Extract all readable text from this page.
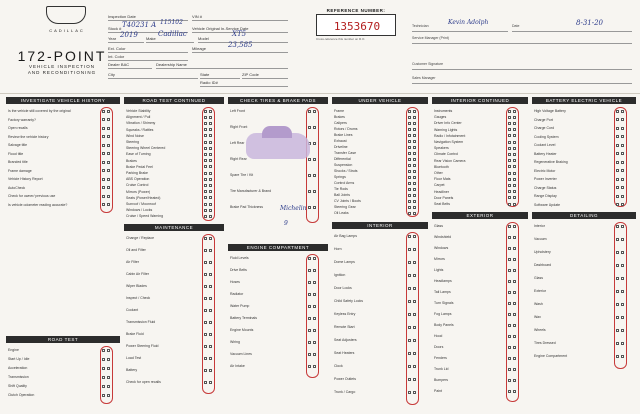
CADILLAC
172-POINT
VEHICLE INSPECTION
AND RECONDITIONING
Inspection Date	VIN #
Stock # T40231 A 115102
Vehicle Original In-Service Date
Year 2019 Make
Cadillac
Model
XT5
Ext. Color	Mileage
Int. Color
23,585
Dealer BAC	Dealership Name
City	State	ZIP Code
Radio ID#
REFERENCE NUMBER:
1353670
Cross-reference this number on R.O.
Technician	Kevin Adolph	Date	8-31-20
Service Manager (Print)
Customer Signature
Sales Manager
INVESTIGATE VEHICLE HISTORY
Is the vehicle still covered by the original
Factory warranty?
Open recalls
Review the vehicle history
Salvage title
Flood title
Branded title
Frame damage
Vehicle History Report
AutoCheck
Check for owner/ previous use
Is vehicle odometer reading accurate?
ROAD TEST
Engine
Start Up / Idle
Acceleration
Transmission
Shift Quality
Clutch Operation
ROAD TEST CONTINUED
Vehicle Stability
Alignment / Pull
Vibration / Shimmy
Squeaks / Rattles
Wind Noise
Steering
Steering Wheel Centered
Ease of Turning
Brakes
Brake Pedal Feel
Parking Brake
ABS Operation
Cruise Control
Mirrors (Power)
Seats (Power/Heated)
Sunroof / Moonroof
Windows / Locks
Cruise / Speed Warning
MAINTENANCE
Change / Replace
Oil and Filter
Air Filter
Cabin Air Filter
Wiper Blades
Inspect / Check
Coolant
Transmission Fluid
Brake Fluid
Power Steering Fluid
Load Test
Battery
Check for open recalls
CHECK TIRES & BRAKE PADS
Left Front
Right Front
Left Rear
Right Rear
Spare Tire / Kit
Tire Manufacturer & Brand
Brake Pad Thickness
ENGINE COMPARTMENT
Fluid Levels
Drive Belts
Hoses
Radiator
Water Pump
Battery Terminals
Engine Mounts
Wiring
Vacuum Lines
Air Intake
UNDER VEHICLE
Frame
Brakes
Calipers
Rotors / Drums
Brake Lines
Exhaust
Driveline
Transfer Case
Differential
Suspension
Shocks / Struts
Springs
Control Arms
Tie Rods
Ball Joints
CV Joints / Boots
Steering Gear
Oil Leaks
INTERIOR
Air Bag Lamps
Horn
Dome Lamps
Ignition
Door Locks
Child Safety Locks
Keyless Entry
Remote Start
Seat Adjusters
Seat Heaters
Clock
Power Outlets
Trunk / Cargo
INTERIOR CONTINUED
Instruments
Gauges
Driver Info Center
Warning Lights
Radio / Infotainment
Navigation System
Speakers
Climate Control
Rear Vision Camera
Bluetooth
Other
Floor Mats
Carpet
Headliner
Door Panels
Seat Belts
EXTERIOR
Glass
Windshield
Windows
Mirrors
Lights
Headlamps
Tail Lamps
Turn Signals
Fog Lamps
Body Panels
Hood
Doors
Fenders
Trunk Lid
Bumpers
Paint
BATTERY ELECTRIC VEHICLE
High Voltage Battery
Charge Port
Charge Cord
Cooling System
Coolant Level
Battery Heater
Regenerative Braking
Electric Motor
Power Inverter
Charge Status
Range Display
Software Update
DETAILING
Interior
Vacuum
Upholstery
Dashboard
Glass
Exterior
Wash
Wax
Wheels
Tires Dressed
Engine Compartment
Michelin
9
